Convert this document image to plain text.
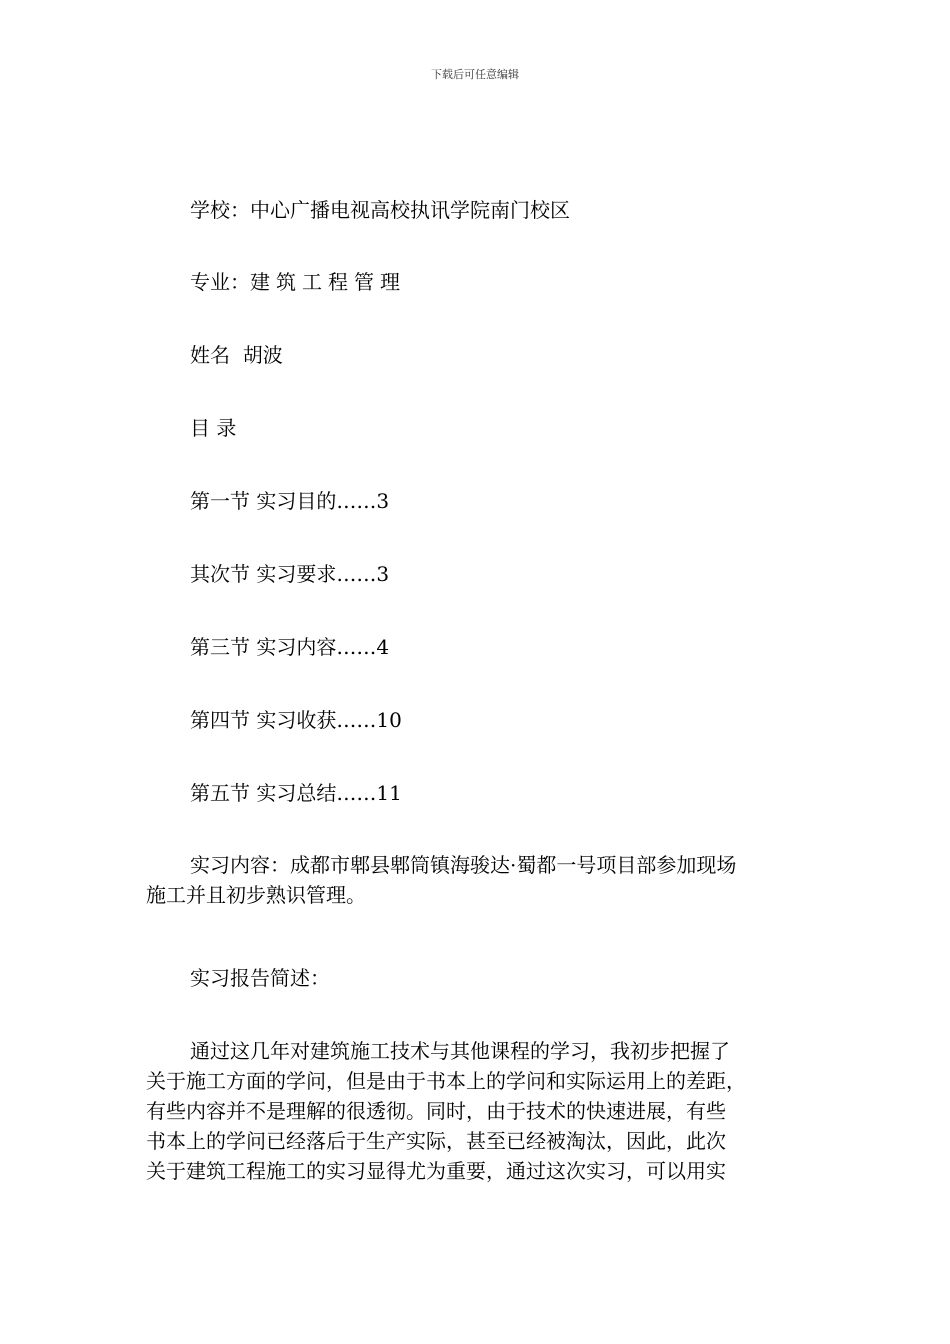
下载后可任意编辑
学校：中心广播电视高校执讯学院南门校区
专业：建筑工程管理
姓名  胡波
目 录
第一节 实习目的……3
其次节 实习要求……3
第三节 实习内容……4
第四节 实习收获……10
第五节 实习总结……11
实习内容：成都市郫县郫筒镇海骏达·蜀都一号项目部参加现场
施工并且初步熟识管理。
实习报告简述：
通过这几年对建筑施工技术与其他课程的学习，我初步把握了
关于施工方面的学问，但是由于书本上的学问和实际运用上的差距，
有些内容并不是理解的很透彻。同时，由于技术的快速进展，有些
书本上的学问已经落后于生产实际，甚至已经被淘汰，因此，此次
关于建筑工程施工的实习显得尤为重要，通过这次实习，可以用实
